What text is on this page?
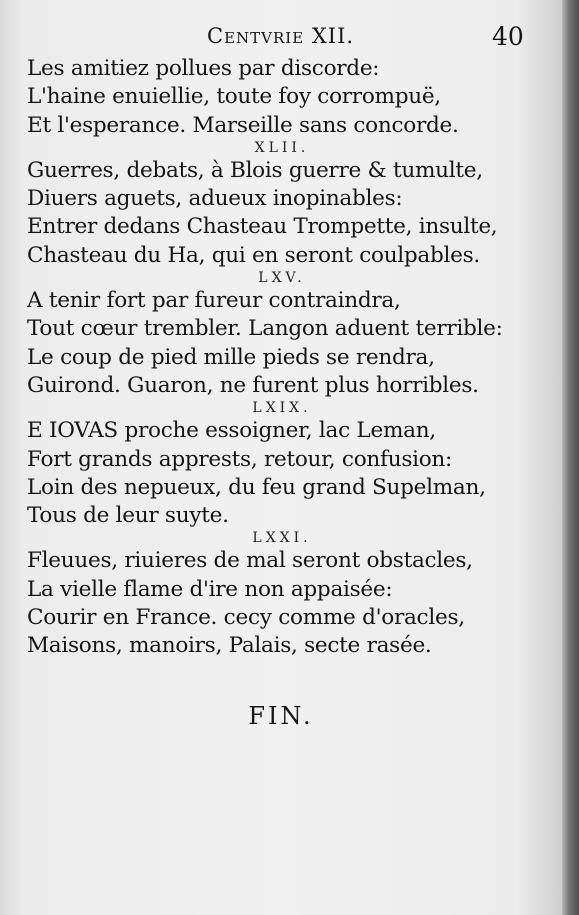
Centvrie XII.	40
Les amitiez pollues par discorde:
L'haine enuiellie, toute foy corrompuë,
Et l'esperance. Marseille sans concorde.
XLII.
Guerres, debats, à Blois guerre & tumulte,
Diuers aguets, adueux inopinables:
Entrer dedans Chasteau Trompette, insulte,
Chasteau du Ha, qui en seront coulpables.
LXV.
A tenir fort par fureur contraindra,
Tout cœur trembler. Langon aduent terrible:
Le coup de pied mille pieds se rendra,
Guirond. Guaron, ne furent plus horribles.
LXIX.
E IOVAS proche essoigner, lac Leman,
Fort grands apprests, retour, confusion:
Loin des nepueux, du feu grand Supelman,
Tous de leur suyte.
LXXI.
Fleuues, riuieres de mal seront obstacles,
La vielle flame d'ire non appaisée:
Courir en France. cecy comme d'oracles,
Maisons, manoirs, Palais, secte rasée.
FIN.
